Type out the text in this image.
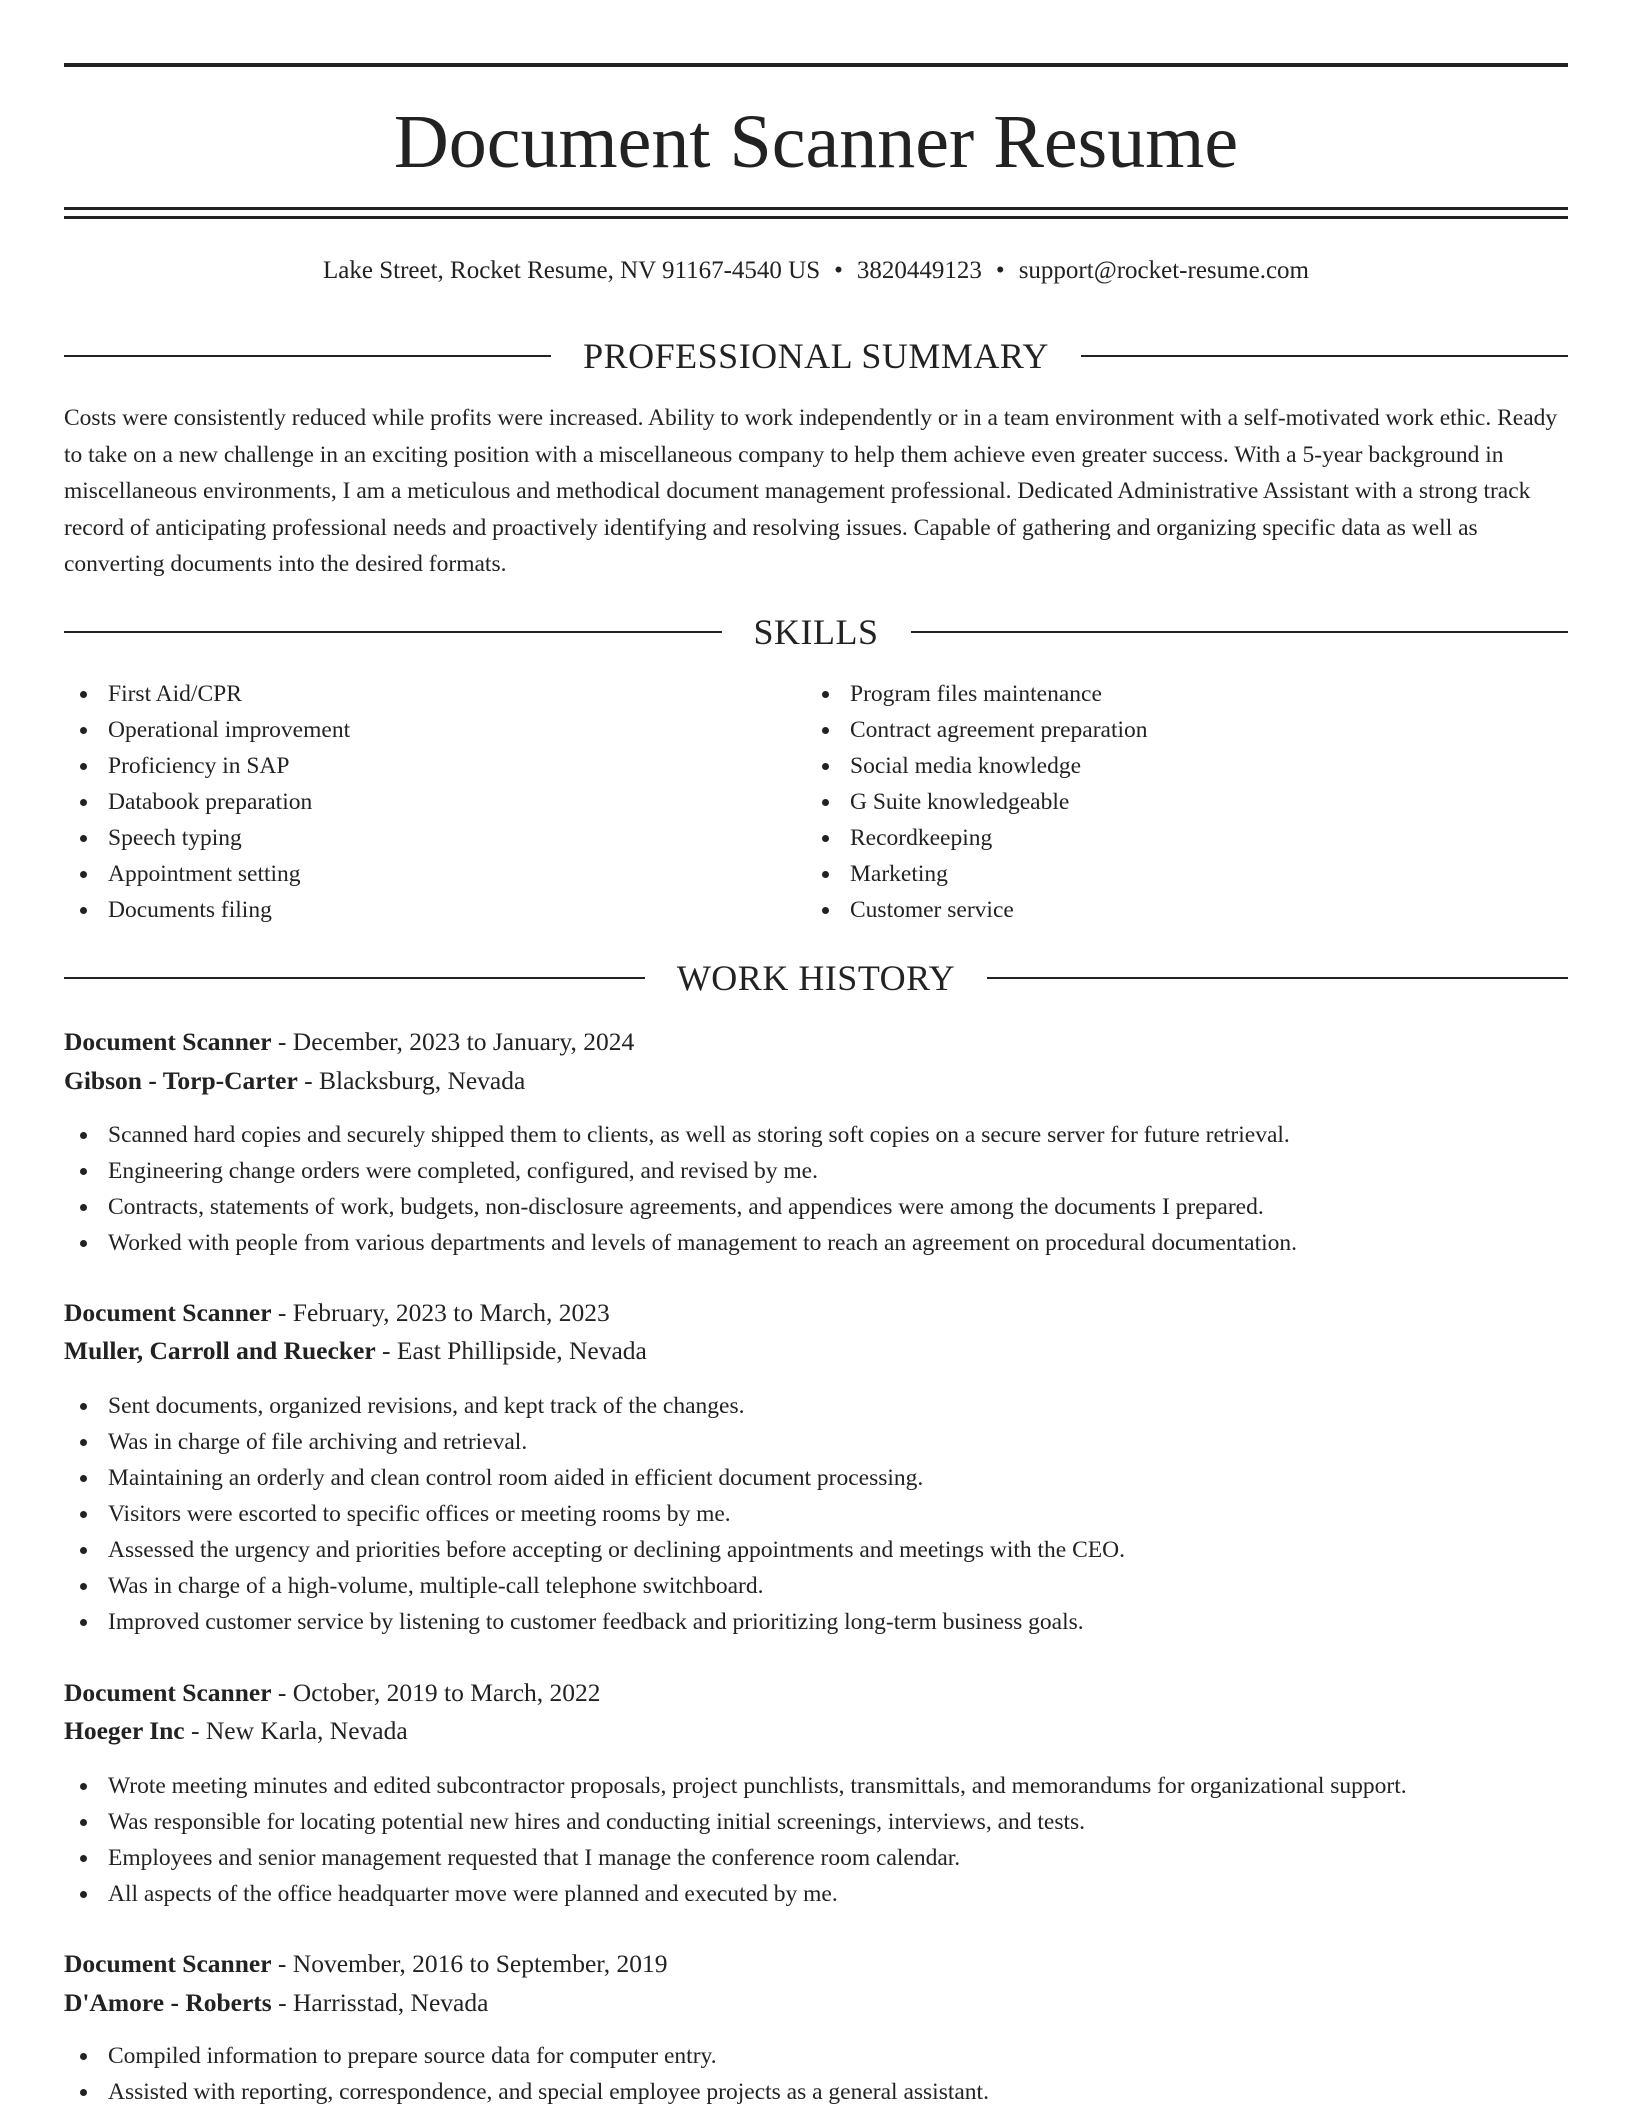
Document Scanner Resume
Lake Street, Rocket Resume, NV 91167-4540 US • 3820449123 • support@rocket-resume.com
PROFESSIONAL SUMMARY

Costs were consistently reduced while profits were increased. Ability to work independently or in a team environment with a self-motivated work ethic. Ready to take on a new challenge in an exciting position with a miscellaneous company to help them achieve even greater success. With a 5-year background in miscellaneous environments, I am a meticulous and methodical document management professional. Dedicated Administrative Assistant with a strong track record of anticipating professional needs and proactively identifying and resolving issues. Capable of gathering and organizing specific data as well as converting documents into the desired formats.

SKILLS
First Aid/CPR
Operational improvement
Proficiency in SAP
Databook preparation
Speech typing
Appointment setting
Documents filing
Program files maintenance
Contract agreement preparation
Social media knowledge
G Suite knowledgeable
Recordkeeping
Marketing
Customer service
WORK HISTORY
Document Scanner - December, 2023 to January, 2024
Gibson - Torp-Carter - Blacksburg, Nevada
Scanned hard copies and securely shipped them to clients, as well as storing soft copies on a secure server for future retrieval.
Engineering change orders were completed, configured, and revised by me.
Contracts, statements of work, budgets, non-disclosure agreements, and appendices were among the documents I prepared.
Worked with people from various departments and levels of management to reach an agreement on procedural documentation.
Document Scanner - February, 2023 to March, 2023
Muller, Carroll and Ruecker - East Phillipside, Nevada
Sent documents, organized revisions, and kept track of the changes.
Was in charge of file archiving and retrieval.
Maintaining an orderly and clean control room aided in efficient document processing.
Visitors were escorted to specific offices or meeting rooms by me.
Assessed the urgency and priorities before accepting or declining appointments and meetings with the CEO.
Was in charge of a high-volume, multiple-call telephone switchboard.
Improved customer service by listening to customer feedback and prioritizing long-term business goals.
Document Scanner - October, 2019 to March, 2022
Hoeger Inc - New Karla, Nevada
Wrote meeting minutes and edited subcontractor proposals, project punchlists, transmittals, and memorandums for organizational support.
Was responsible for locating potential new hires and conducting initial screenings, interviews, and tests.
Employees and senior management requested that I manage the conference room calendar.
All aspects of the office headquarter move were planned and executed by me.
Document Scanner - November, 2016 to September, 2019
D'Amore - Roberts - Harrisstad, Nevada
Compiled information to prepare source data for computer entry.
Assisted with reporting, correspondence, and special employee projects as a general assistant.
